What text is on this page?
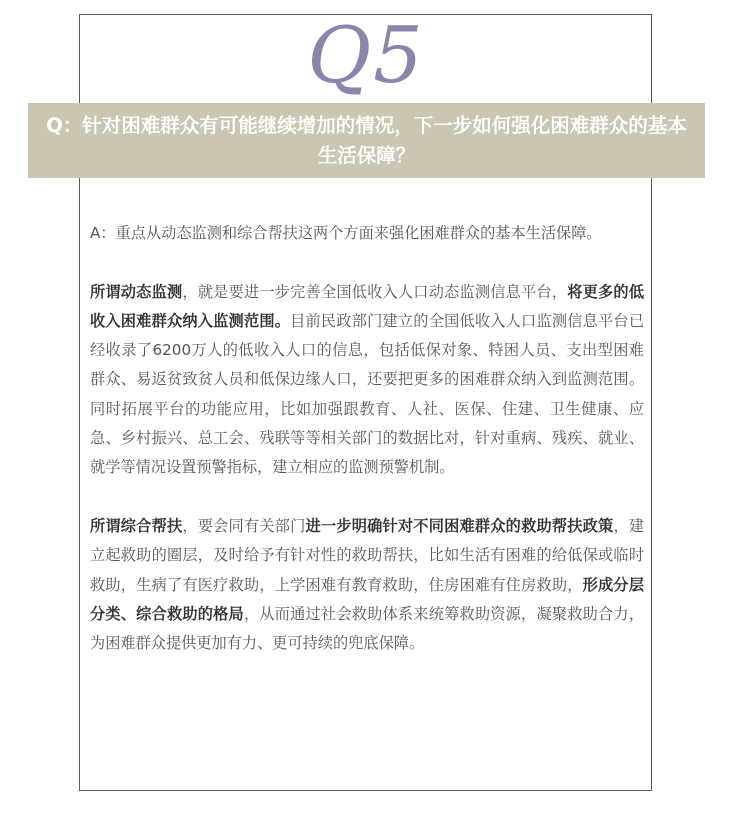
Q5
Q：针对困难群众有可能继续增加的情况，下一步如何强化困难群众的基本生活保障？

A：重点从动态监测和综合帮扶这两个方面来强化困难群众的基本生活保障。

所谓动态监测，就是要进一步完善全国低收入人口动态监测信息平台，将更多的低收入困难群众纳入监测范围。目前民政部门建立的全国低收入人口监测信息平台已经收录了6200万人的低收入人口的信息，包括低保对象、特困人员、支出型困难群众、易返贫致贫人员和低保边缘人口，还要把更多的困难群众纳入到监测范围。同时拓展平台的功能应用，比如加强跟教育、人社、医保、住建、卫生健康、应急、乡村振兴、总工会、残联等等相关部门的数据比对，针对重病、残疾、就业、就学等情况设置预警指标，建立相应的监测预警机制。

所谓综合帮扶，要会同有关部门进一步明确针对不同困难群众的救助帮扶政策，建立起救助的圈层，及时给予有针对性的救助帮扶，比如生活有困难的给低保或临时救助，生病了有医疗救助，上学困难有教育救助，住房困难有住房救助，形成分层分类、综合救助的格局，从而通过社会救助体系来统筹救助资源，凝聚救助合力，为困难群众提供更加有力、更可持续的兜底保障。
